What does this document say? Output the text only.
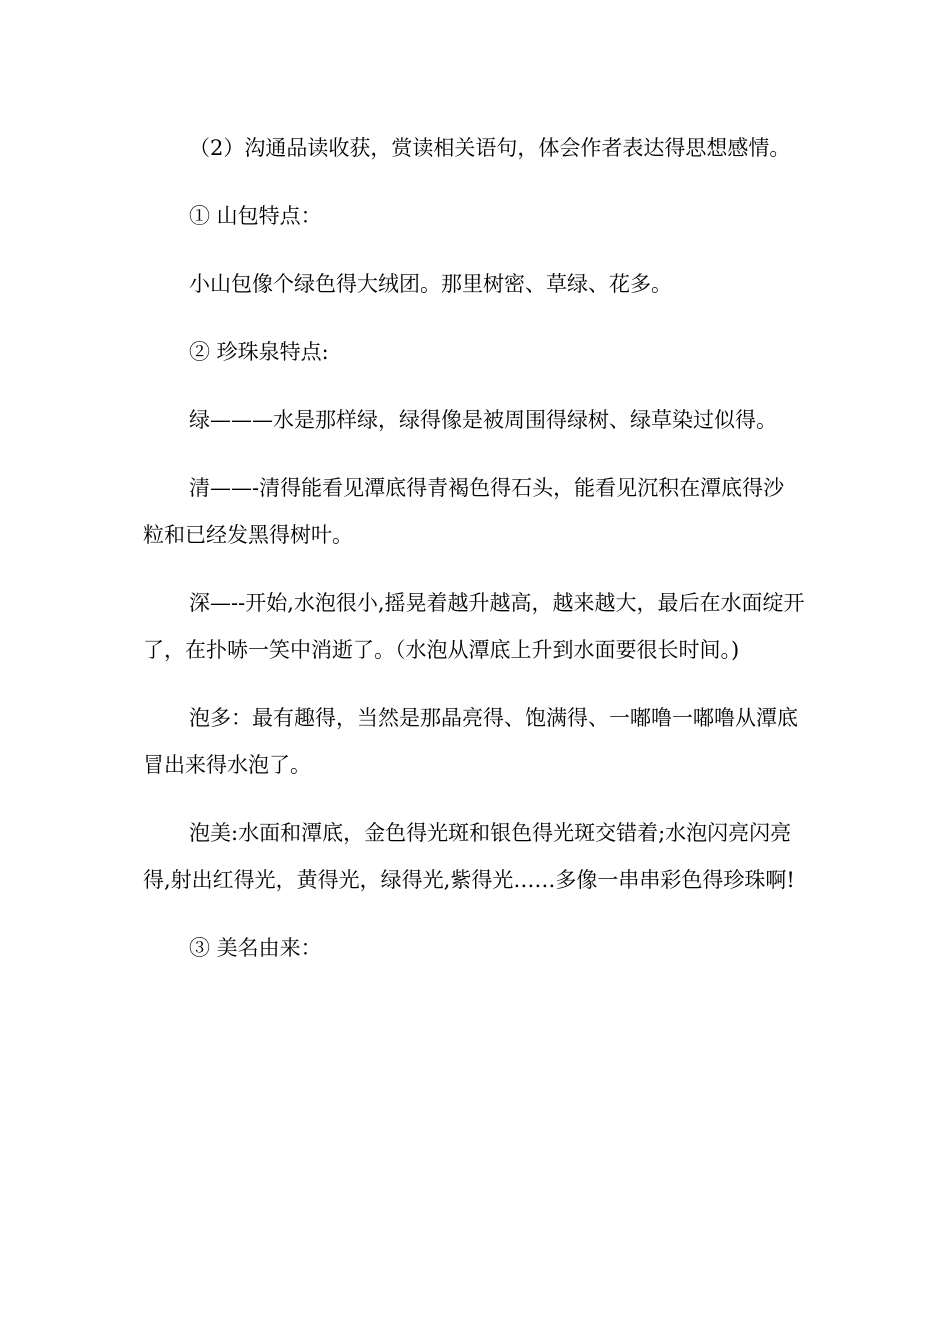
（2）沟通品读收获，赏读相关语句，体会作者表达得思想感情。

① 山包特点：

小山包像个绿色得大绒团。那里树密、草绿、花多。

② 珍珠泉特点:

绿———水是那样绿，绿得像是被周围得绿树、绿草染过似得。

清——-清得能看见潭底得青褐色得石头，能看见沉积在潭底得沙粒和已经发黑得树叶。

深—--开始,水泡很小,摇晃着越升越高，越来越大，最后在水面绽开了，在扑哧一笑中消逝了。（水泡从潭底上升到水面要很长时间。)

泡多：最有趣得，当然是那晶亮得、饱满得、一嘟噜一嘟噜从潭底冒出来得水泡了。

泡美:水面和潭底，金色得光斑和银色得光斑交错着;水泡闪亮闪亮得,射出红得光，黄得光，绿得光,紫得光……多像一串串彩色得珍珠啊!

③ 美名由来：
